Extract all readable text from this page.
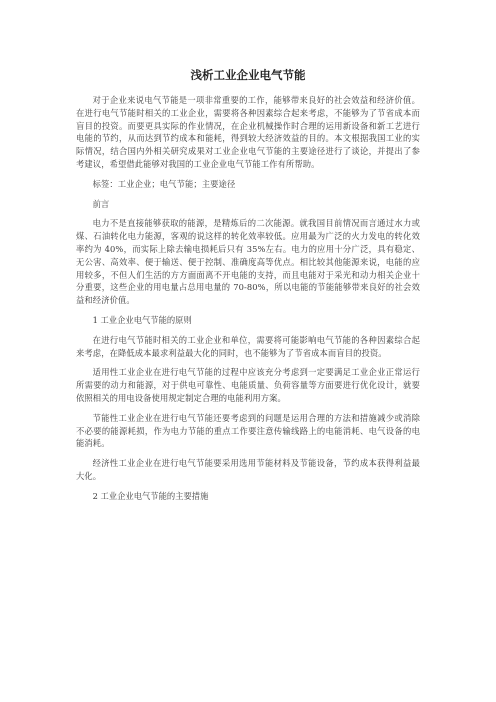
浅析工业企业电气节能

对于企业来说电气节能是一项非常重要的工作，能够带来良好的社会效益和经济价值。在进行电气节能时相关的工业企业，需要将各种因素综合起来考虑，不能够为了节省成本而盲目的投资。而要更具实际的作业情况，在企业机械操作时合理的运用新设备和新工艺进行电能的节约，从而达到节约成本和能耗，得到较大经济效益的目的。本文根据我国工业的实际情况，结合国内外相关研究成果对工业企业电气节能的主要途径进行了谈论，并提出了参考建议，希望借此能够对我国的工业企业电气节能工作有所帮助。

标签：工业企业；电气节能；主要途径

前言

电力不是直接能够获取的能源，是精炼后的二次能源。就我国目前情况而言通过水力或煤、石油转化电力能源，客观的说这样的转化效率较低。应用最为广泛的火力发电的转化效率约为 40%，而实际上除去输电损耗后只有 35%左右。电力的应用十分广泛，具有稳定、无公害、高效率、便于输送、便于控制、准确度高等优点。相比较其他能源来说，电能的应用较多，不但人们生活的方方面面离不开电能的支持，而且电能对于采光和动力相关企业十分重要，这些企业的用电量占总用电量的 70-80%，所以电能的节能能够带来良好的社会效益和经济价值。

1 工业企业电气节能的原则

在进行电气节能时相关的工业企业和单位，需要将可能影响电气节能的各种因素综合起来考虑，在降低成本最求利益最大化的同时，也不能够为了节省成本而盲目的投资。

适用性工业企业在进行电气节能的过程中应该充分考虑到一定要满足工业企业正常运行所需要的动力和能源，对于供电可靠性、电能质量、负荷容量等方面要进行优化设计，就要依照相关的用电设备使用规定制定合理的电能利用方案。

节能性工业企业在进行电气节能还要考虑到的问题是运用合理的方法和措施减少或消除不必要的能源耗损，作为电力节能的重点工作要注意传输线路上的电能消耗、电气设备的电能消耗。

经济性工业企业在进行电气节能要采用选用节能材料及节能设备，节约成本获得利益最大化。

2 工业企业电气节能的主要措施
